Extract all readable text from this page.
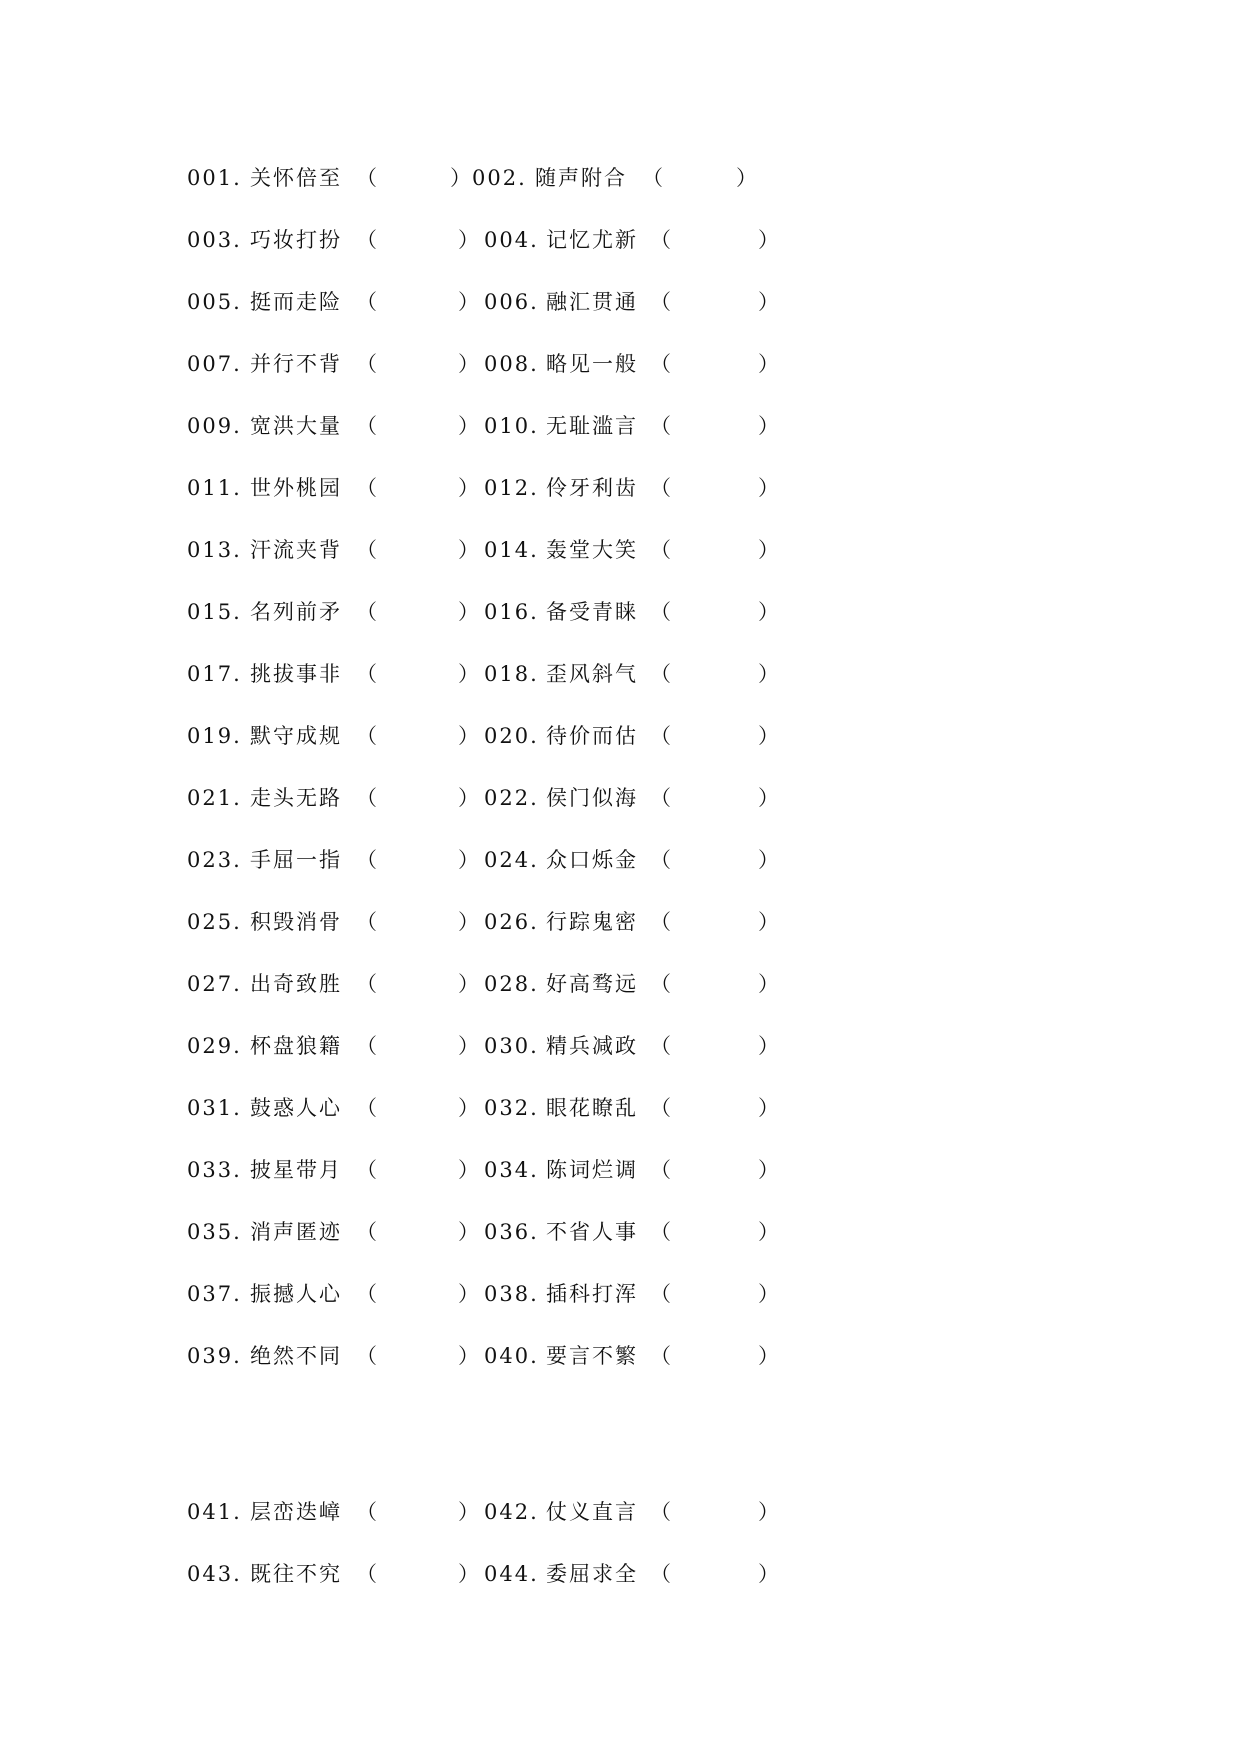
001. 关怀倍至 （	） 002. 随声附合 （	）
003. 巧妆打扮 （	） 004. 记忆尤新 （	）
005. 挺而走险 （	） 006. 融汇贯通 （	）
007. 并行不背 （	） 008. 略见一般 （	）
009. 宽洪大量 （	） 010. 无耻滥言 （	）
011. 世外桃园 （	） 012. 伶牙利齿 （	）
013. 汗流夹背 （	） 014. 轰堂大笑 （	）
015. 名列前矛 （	） 016. 备受青睐 （	）
017. 挑拔事非 （	） 018. 歪风斜气 （	）
019. 默守成规 （	） 020. 待价而估 （	）
021. 走头无路 （	） 022. 侯门似海 （	）
023. 手屈一指 （	） 024. 众口烁金 （	）
025. 积毁消骨 （	） 026. 行踪鬼密 （	）
027. 出奇致胜 （	） 028. 好高骛远 （	）
029. 杯盘狼籍 （	） 030. 精兵减政 （	）
031. 鼓惑人心 （	） 032. 眼花瞭乱 （	）
033. 披星带月 （	） 034. 陈词烂调 （	）
035. 消声匿迹 （	） 036. 不省人事 （	）
037. 振撼人心 （	） 038. 插科打浑 （	）
039. 绝然不同 （	） 040. 要言不繁 （	）
041. 层峦迭嶂 （	） 042. 仗义直言 （	）
043. 既往不究 （	） 044. 委屈求全 （	）
